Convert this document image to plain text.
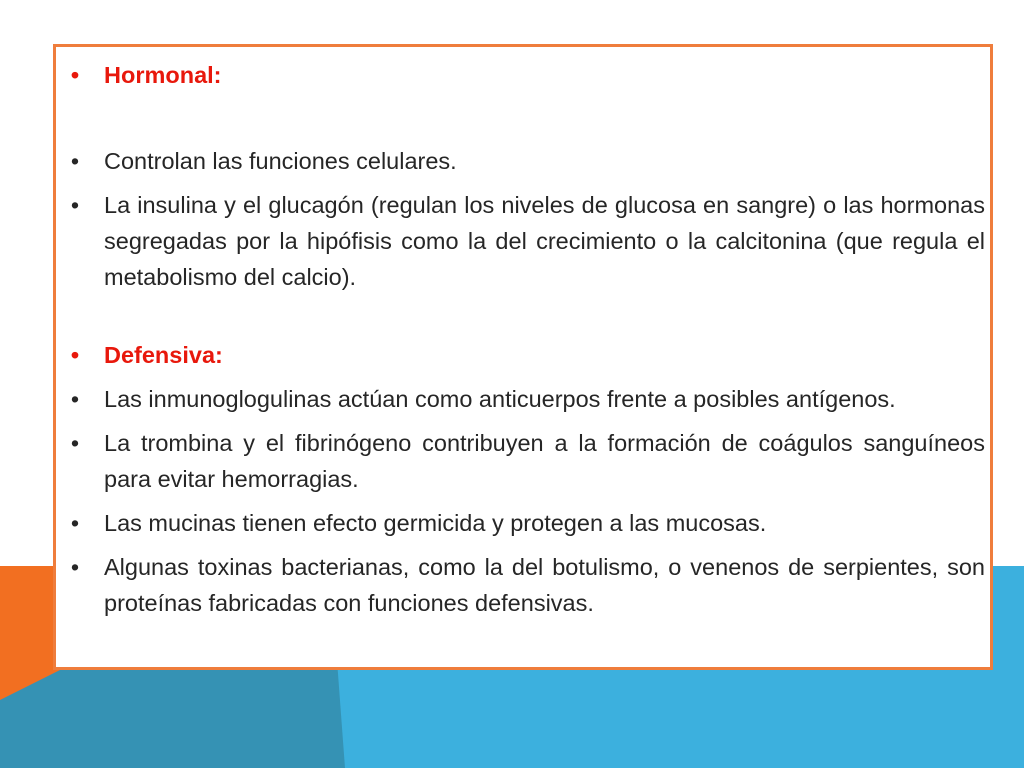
• Hormonal:
• Controlan las funciones celulares.
• La insulina y el glucagón (regulan los niveles de glucosa en sangre) o las hormonas segregadas por la hipófisis como la del crecimiento o la calcitonina (que regula el metabolismo del calcio).
• Defensiva:
• Las inmunoglogulinas actúan como anticuerpos frente a posibles antígenos.
• La trombina y el fibrinógeno contribuyen a la formación de coágulos sanguíneos para evitar hemorragias.
• Las mucinas tienen efecto germicida y protegen a las mucosas.
• Algunas toxinas bacterianas, como la del botulismo, o venenos de serpientes, son proteínas fabricadas con funciones defensivas.
